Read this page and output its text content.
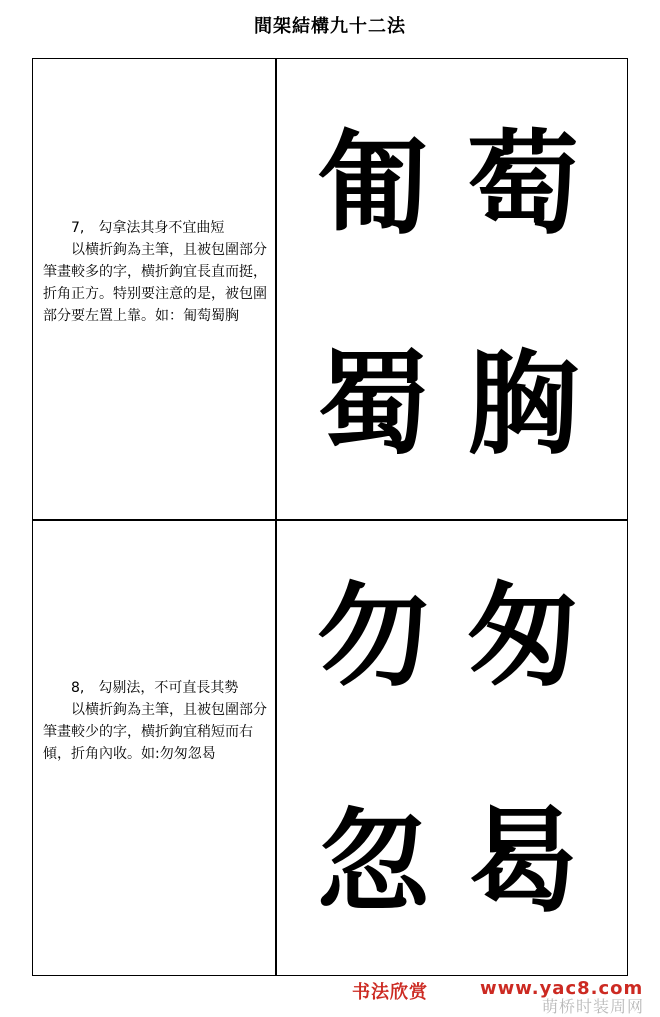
間架結構九十二法

7,　勾拿法其身不宜曲短

以横折鉤為主筆，且被包圍部分筆畫較多的字，横折鉤宜長直而挺，折角正方。特别要注意的是，被包圍部分要左置上靠。如：匍萄蜀胸

匍 萄
蜀 胸

8,　勾剔法，不可直長其勢

以横折鉤為主筆，且被包圍部分筆畫較少的字，横折鉤宜稍短而右傾，折角內收。如:勿匆忽曷

勿 匆
忽 曷
书法欣赏	www.yac8.com
萌桥时装周网
